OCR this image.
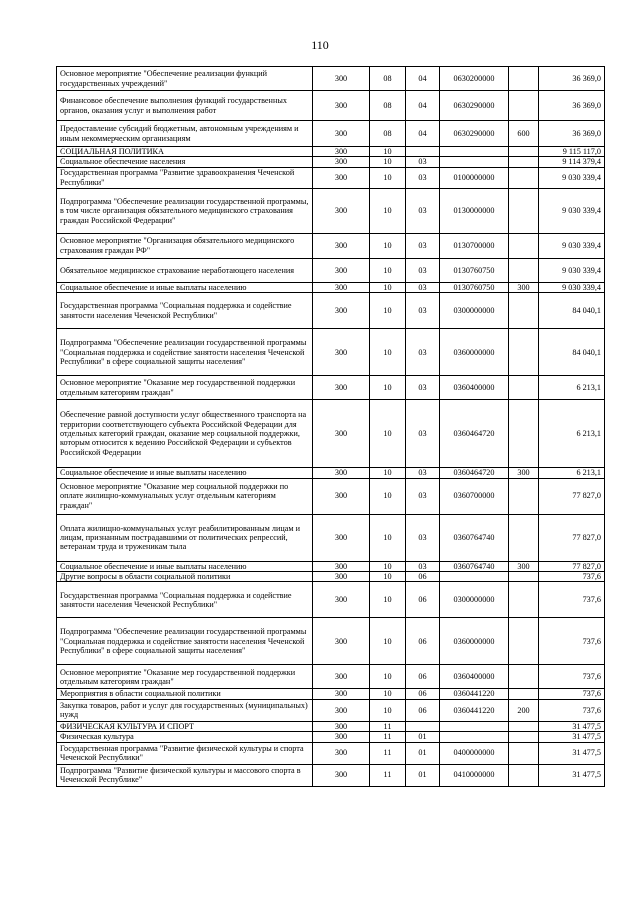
110
Основное мероприятие "Обеспечение реализации функций государственных учреждений"	300	08	04	0630200000		36 369,0
Финансовое обеспечение выполнения функций государственных органов, оказания услуг и выполнения работ	300	08	04	0630290000		36 369,0
Предоставление субсидий бюджетным, автономным учреждениям и иным некоммерческим организациям	300	08	04	0630290000	600	36 369,0
СОЦИАЛЬНАЯ ПОЛИТИКА	300	10				9 115 117,0
Социальное обеспечение населения	300	10	03			9 114 379,4
Государственная программа "Развитие здравоохранения Чеченской Республики"	300	10	03	0100000000		9 030 339,4
Подпрограмма "Обеспечение реализации государственной программы, в том числе организация обязательного медицинского страхования граждан Российской Федерации"	300	10	03	0130000000		9 030 339,4
Основное мероприятие "Организация обязательного медицинского страхования граждан РФ"	300	10	03	0130700000		9 030 339,4
Обязательное медицинское страхование неработающего населения	300	10	03	0130760750		9 030 339,4
Социальное обеспечение и иные выплаты населению	300	10	03	0130760750	300	9 030 339,4
Государственная программа "Социальная поддержка и содействие занятости населения Чеченской Республики"	300	10	03	0300000000		84 040,1
Подпрограмма "Обеспечение реализации государственной программы "Социальная поддержка и содействие занятости населения Чеченской Республики" в сфере социальной защиты населения"	300	10	03	0360000000		84 040,1
Основное мероприятие "Оказание мер государственной поддержки отдельным категориям граждан"	300	10	03	0360400000		6 213,1
Обеспечение равной доступности услуг общественного транспорта на территории соответствующего субъекта Российской Федерации для отдельных категорий граждан, оказание мер социальной поддержки, которым относится к ведению Российской Федерации и субъектов Российской Федерации	300	10	03	0360464720		6 213,1
Социальное обеспечение и иные выплаты населению	300	10	03	0360464720	300	6 213,1
Основное мероприятие "Оказание мер социальной поддержки по оплате жилищно-коммунальных услуг отдельным категориям граждан"	300	10	03	0360700000		77 827,0
Оплата жилищно-коммунальных услуг реабилитированным лицам и лицам, признанным пострадавшими от политических репрессий, ветеранам труда и труженикам тыла	300	10	03	0360764740		77 827,0
Социальное обеспечение и иные выплаты населению	300	10	03	0360764740	300	77 827,0
Другие вопросы в области социальной политики	300	10	06			737,6
Государственная программа "Социальная поддержка и содействие занятости населения Чеченской Республики"	300	10	06	0300000000		737,6
Подпрограмма "Обеспечение реализации государственной программы "Социальная поддержка и содействие занятости населения Чеченской Республики" в сфере социальной защиты населения"	300	10	06	0360000000		737,6
Основное мероприятие "Оказание мер государственной поддержки отдельным категориям граждан"	300	10	06	0360400000		737,6
Мероприятия в области социальной политики	300	10	06	0360441220		737,6
Закупка товаров, работ и услуг для государственных (муниципальных) нужд	300	10	06	0360441220	200	737,6
ФИЗИЧЕСКАЯ КУЛЬТУРА И СПОРТ	300	11				31 477,5
Физическая культура	300	11	01			31 477,5
Государственная программа "Развитие физической культуры и спорта Чеченской Республики"	300	11	01	0400000000		31 477,5
Подпрограмма "Развитие физической культуры и массового спорта в Чеченской Республике"	300	11	01	0410000000		31 477,5
